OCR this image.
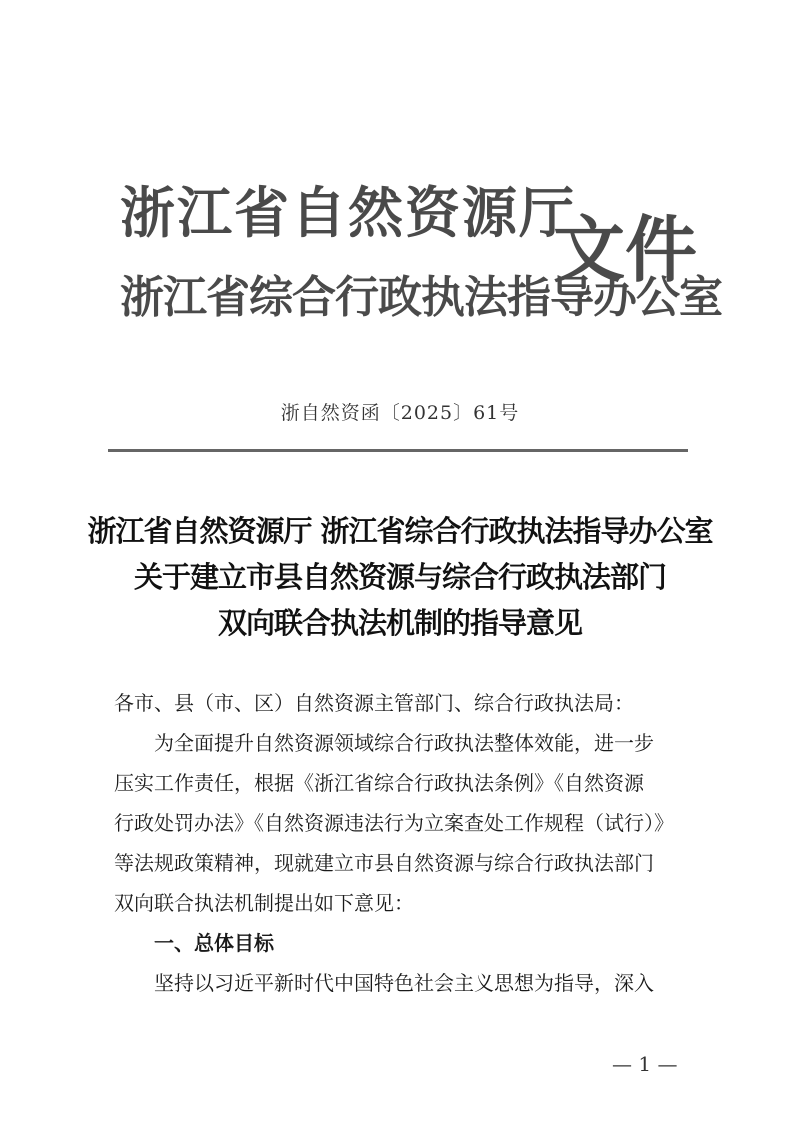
浙江省自然资源厅
浙江省综合行政执法指导办公室
文件
浙自然资函〔2025〕61号
浙江省自然资源厅 浙江省综合行政执法指导办公室
关于建立市县自然资源与综合行政执法部门
双向联合执法机制的指导意见
各市、县（市、区）自然资源主管部门、综合行政执法局：
为全面提升自然资源领域综合行政执法整体效能，进一步
压实工作责任，根据《浙江省综合行政执法条例》《自然资源
行政处罚办法》《自然资源违法行为立案查处工作规程（试行）》
等法规政策精神，现就建立市县自然资源与综合行政执法部门
双向联合执法机制提出如下意见：
一、总体目标
坚持以习近平新时代中国特色社会主义思想为指导，深入
— 1 —
